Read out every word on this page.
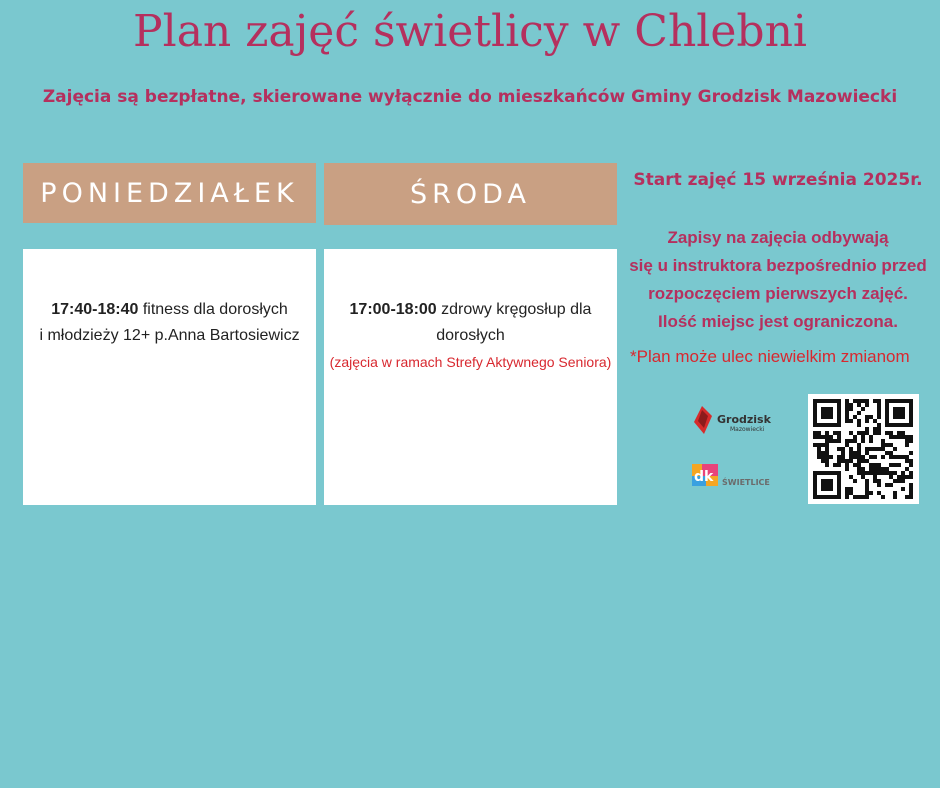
Plan zajęć świetlicy w Chlebni
Zajęcia są bezpłatne, skierowane wyłącznie do mieszkańców Gminy Grodzisk Mazowiecki
PONIEDZIAŁEK
17:40-18:40 fitness dla dorosłych
i młodzieży 12+ p.Anna Bartosiewicz
ŚRODA
17:00-18:00 zdrowy kręgosłup dla
dorosłych
(zajęcia w ramach Strefy Aktywnego Seniora)
Start zajęć 15 września 2025r.
Zapisy na zajęcia odbywają
się u instruktora bezpośrednio przed
rozpoczęciem pierwszych zajęć.
Ilość miejsc jest ograniczona.
*Plan może ulec niewielkim zmianom
Grodzisk
Mazowiecki
dk ŚWIETLICE
